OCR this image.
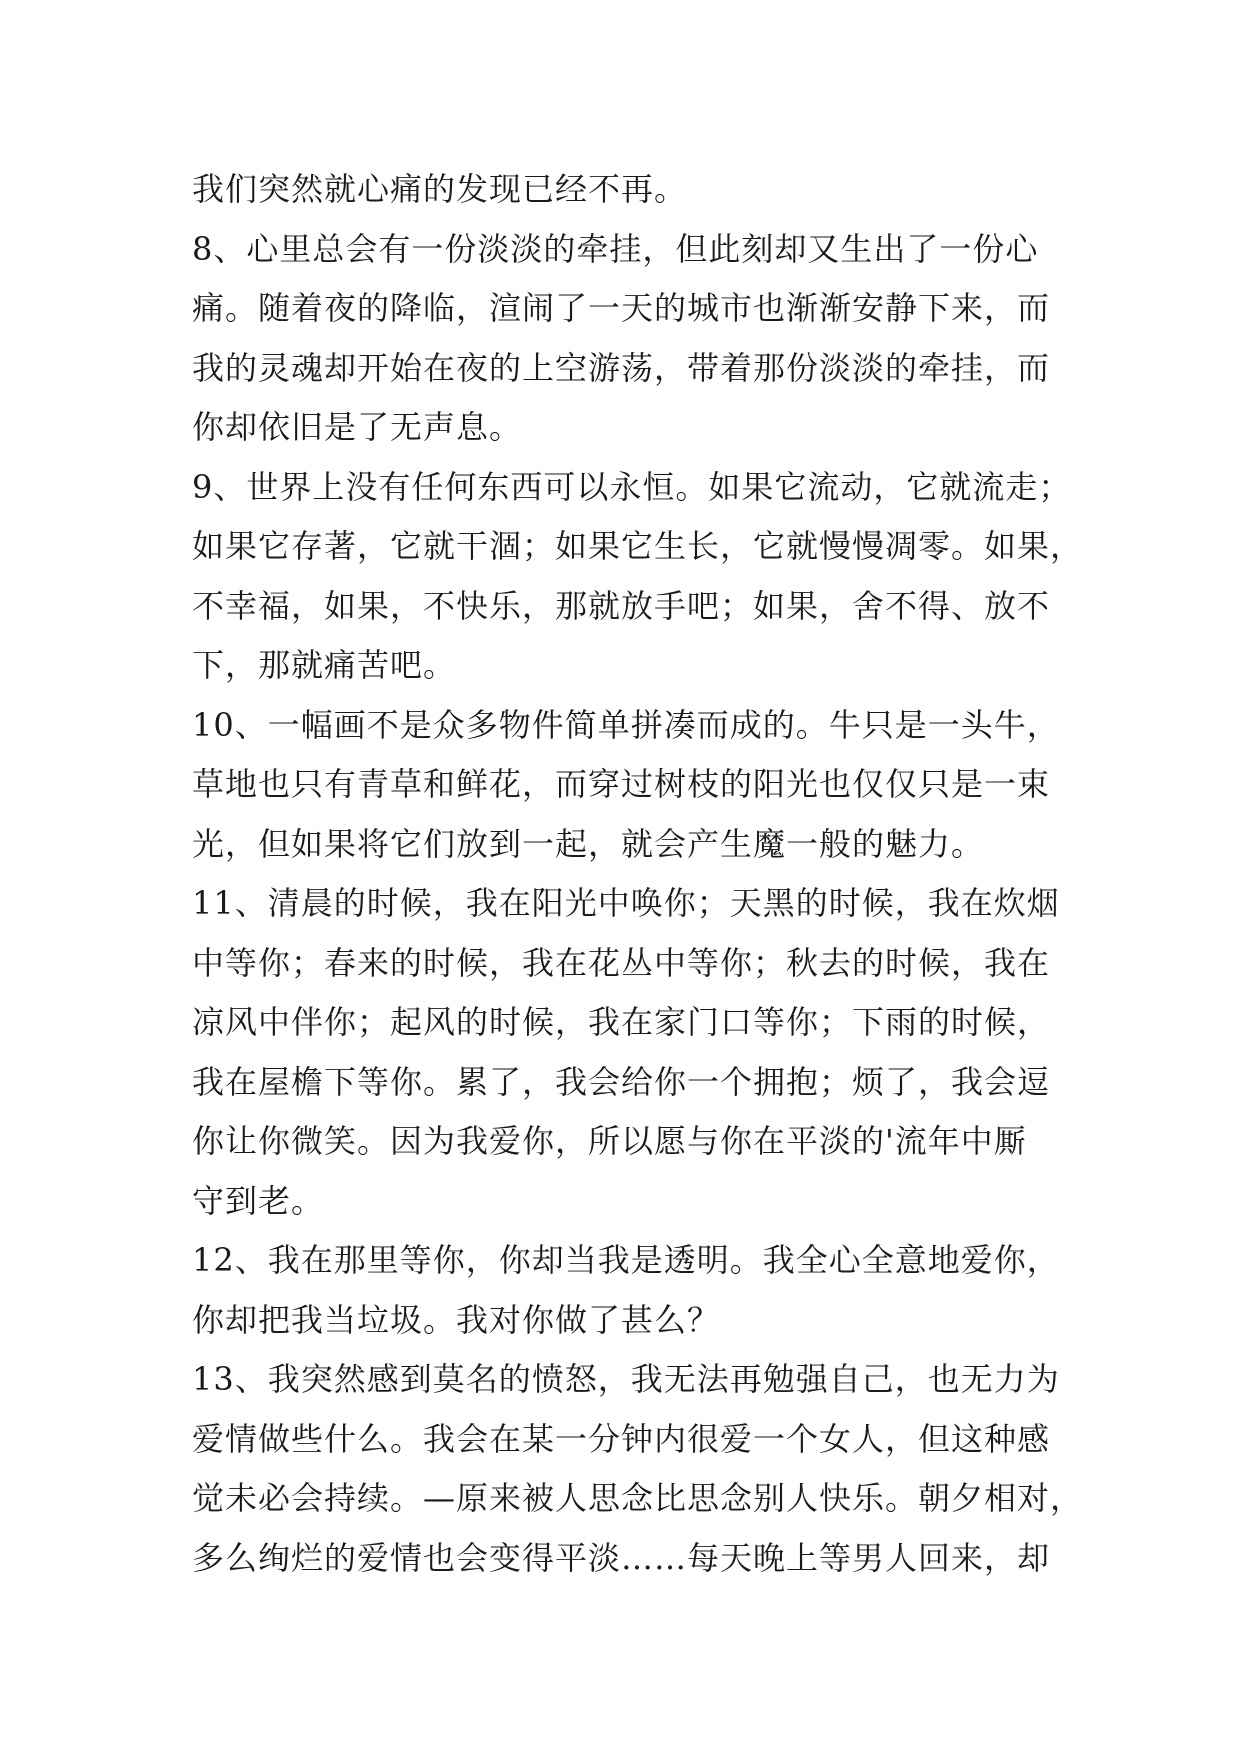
我们突然就心痛的发现已经不再。
8、心里总会有一份淡淡的牵挂，但此刻却又生出了一份心
痛。随着夜的降临，渲闹了一天的城市也渐渐安静下来，而
我的灵魂却开始在夜的上空游荡，带着那份淡淡的牵挂，而
你却依旧是了无声息。
9、世界上没有任何东西可以永恒。如果它流动，它就流走；
如果它存著，它就干涸；如果它生长，它就慢慢凋零。如果，
不幸福，如果，不快乐，那就放手吧；如果，舍不得、放不
下，那就痛苦吧。
10、一幅画不是众多物件简单拼凑而成的。牛只是一头牛，
草地也只有青草和鲜花，而穿过树枝的阳光也仅仅只是一束
光，但如果将它们放到一起，就会产生魔一般的魅力。
11、清晨的时候，我在阳光中唤你；天黑的时候，我在炊烟
中等你；春来的时候，我在花丛中等你；秋去的时候，我在
凉风中伴你；起风的时候，我在家门口等你；下雨的时候，
我在屋檐下等你。累了，我会给你一个拥抱；烦了，我会逗
你让你微笑。因为我爱你，所以愿与你在平淡的'流年中厮
守到老。
12、我在那里等你，你却当我是透明。我全心全意地爱你，
你却把我当垃圾。我对你做了甚么？
13、我突然感到莫名的愤怒，我无法再勉强自己，也无力为
爱情做些什么。我会在某一分钟内很爱一个女人，但这种感
觉未必会持续。—原来被人思念比思念别人快乐。朝夕相对，
多么绚烂的爱情也会变得平淡……每天晚上等男人回来，却
